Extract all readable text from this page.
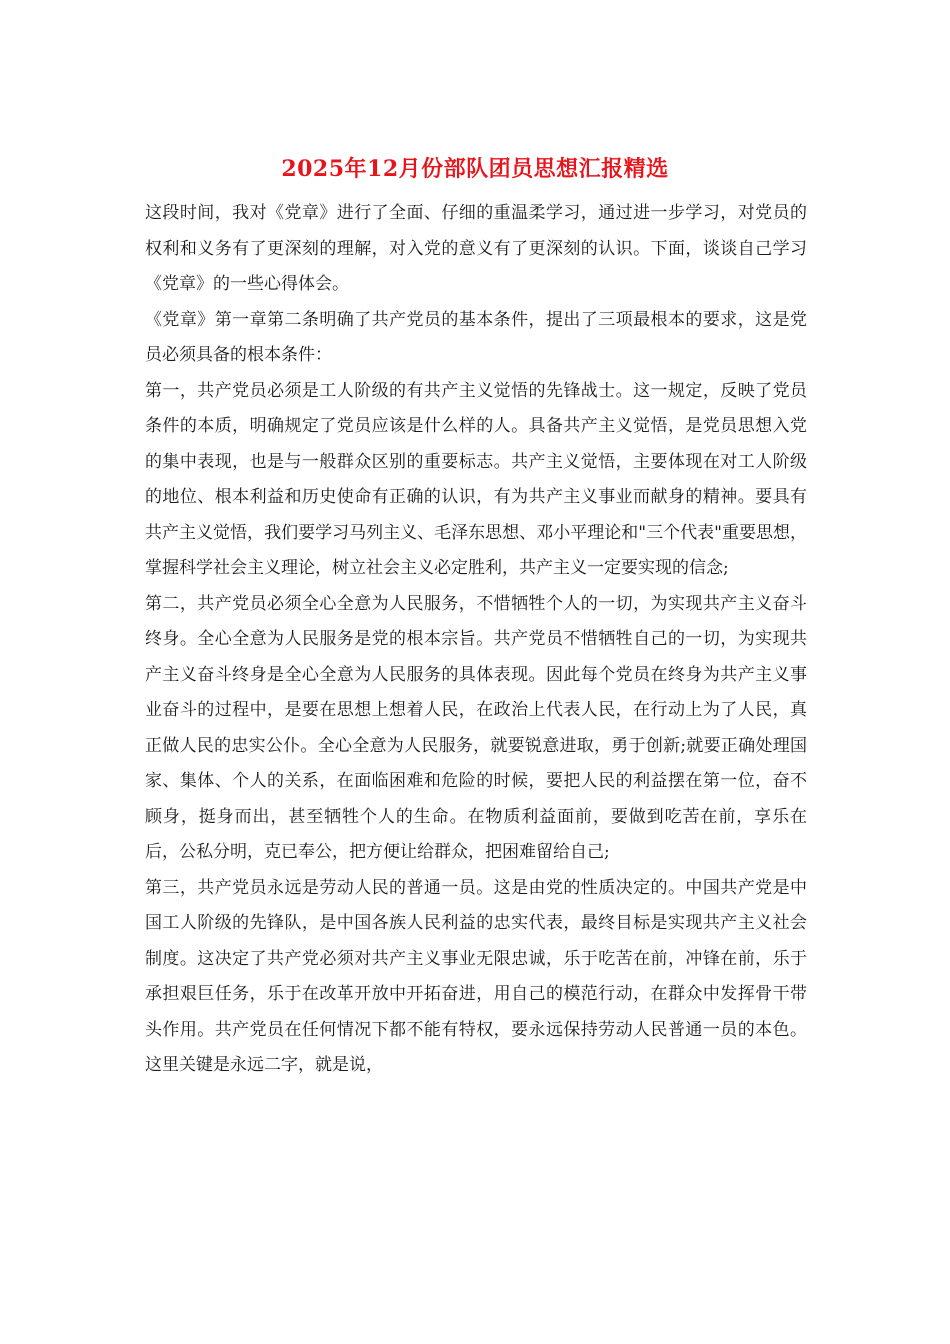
2025年12月份部队团员思想汇报精选

这段时间，我对《党章》进行了全面、仔细的重温柔学习，通过进一步学习，对党员的权利和义务有了更深刻的理解，对入党的意义有了更深刻的认识。下面，谈谈自己学习《党章》的一些心得体会。

《党章》第一章第二条明确了共产党员的基本条件，提出了三项最根本的要求，这是党员必须具备的根本条件：

第一，共产党员必须是工人阶级的有共产主义觉悟的先锋战士。这一规定，反映了党员条件的本质，明确规定了党员应该是什么样的人。具备共产主义觉悟，是党员思想入党的集中表现，也是与一般群众区别的重要标志。共产主义觉悟，主要体现在对工人阶级的地位、根本利益和历史使命有正确的认识，有为共产主义事业而献身的精神。要具有共产主义觉悟，我们要学习马列主义、毛泽东思想、邓小平理论和"三个代表"重要思想，掌握科学社会主义理论，树立社会主义必定胜利，共产主义一定要实现的信念;

第二，共产党员必须全心全意为人民服务，不惜牺牲个人的一切，为实现共产主义奋斗终身。全心全意为人民服务是党的根本宗旨。共产党员不惜牺牲自己的一切，为实现共产主义奋斗终身是全心全意为人民服务的具体表现。因此每个党员在终身为共产主义事业奋斗的过程中，是要在思想上想着人民，在政治上代表人民，在行动上为了人民，真正做人民的忠实公仆。全心全意为人民服务，就要锐意进取，勇于创新;就要正确处理国家、集体、个人的关系，在面临困难和危险的时候，要把人民的利益摆在第一位，奋不顾身，挺身而出，甚至牺牲个人的生命。在物质利益面前，要做到吃苦在前，享乐在后，公私分明，克已奉公，把方便让给群众，把困难留给自己;

第三，共产党员永远是劳动人民的普通一员。这是由党的性质决定的。中国共产党是中国工人阶级的先锋队，是中国各族人民利益的忠实代表，最终目标是实现共产主义社会制度。这决定了共产党必须对共产主义事业无限忠诚，乐于吃苦在前，冲锋在前，乐于承担艰巨任务，乐于在改革开放中开拓奋进，用自己的模范行动，在群众中发挥骨干带头作用。共产党员在任何情况下都不能有特权，要永远保持劳动人民普通一员的本色。这里关键是永远二字，就是说，
